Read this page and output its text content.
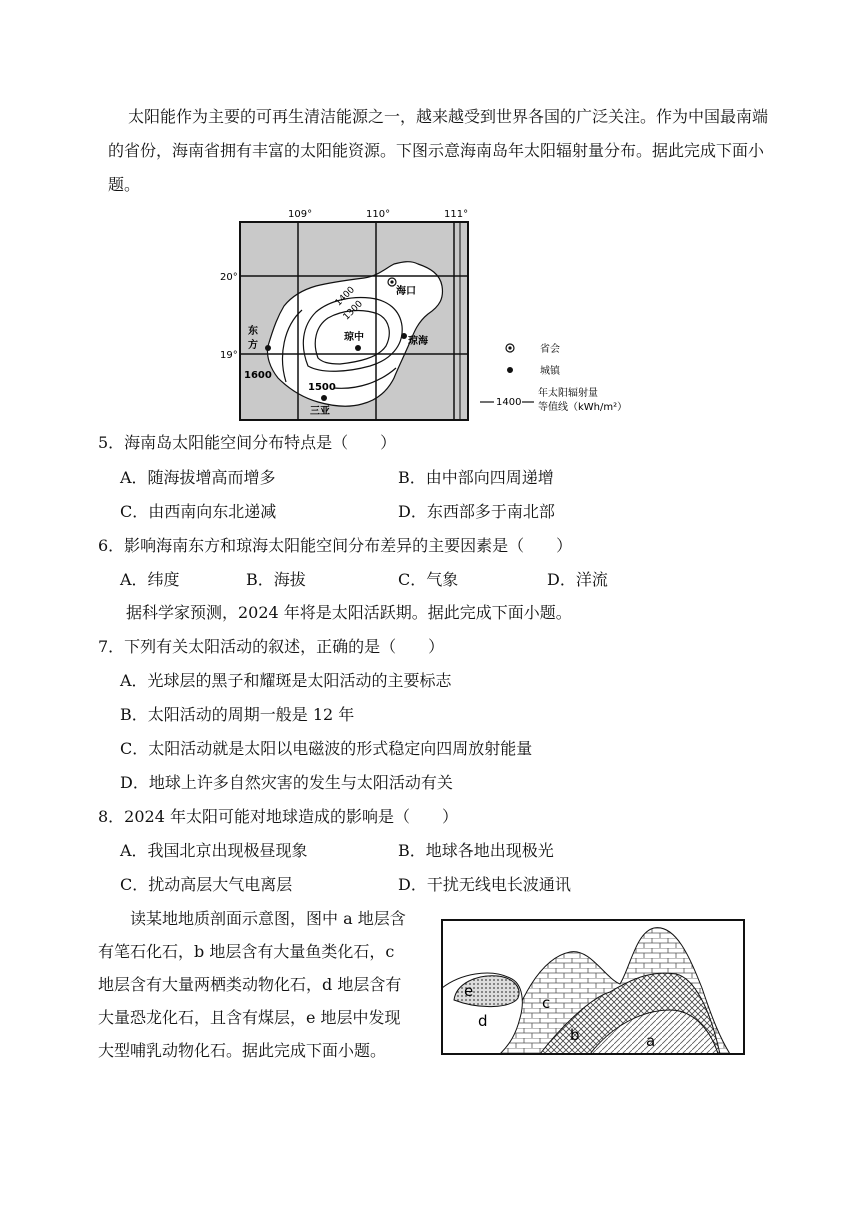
太阳能作为主要的可再生清洁能源之一，越来越受到世界各国的广泛关注。作为中国最南端的省份，海南省拥有丰富的太阳能资源。下图示意海南岛年太阳辐射量分布。据此完成下面小题。
109°	110°	111°
20°
19°
1400
1300
1500
1600
海口
琼中	琼海
东
方
三亚
省会
城镇
1400
年太阳辐射量
等值线（kWh/m²）
5．海南岛太阳能空间分布特点是（　　）
A．随海拔增高而增多	B．由中部向四周递增
C．由西南向东北递减	D．东西部多于南北部
6．影响海南东方和琼海太阳能空间分布差异的主要因素是（　　）
A．纬度	B．海拔	C．气象	D．洋流
据科学家预测，2024 年将是太阳活跃期。据此完成下面小题。
7．下列有关太阳活动的叙述，正确的是（　　）
A．光球层的黑子和耀斑是太阳活动的主要标志
B．太阳活动的周期一般是 12 年
C．太阳活动就是太阳以电磁波的形式稳定向四周放射能量
D．地球上许多自然灾害的发生与太阳活动有关
8．2024 年太阳可能对地球造成的影响是（　　）
A．我国北京出现极昼现象	B．地球各地出现极光
C．扰动高层大气电离层	D．干扰无线电长波通讯
读某地地质剖面示意图，图中 a 地层含
有笔石化石，b 地层含有大量鱼类化石，c
地层含有大量两栖类动物化石，d 地层含有
大量恐龙化石，且含有煤层，e 地层中发现
大型哺乳动物化石。据此完成下面小题。
e
d
c
b	a
